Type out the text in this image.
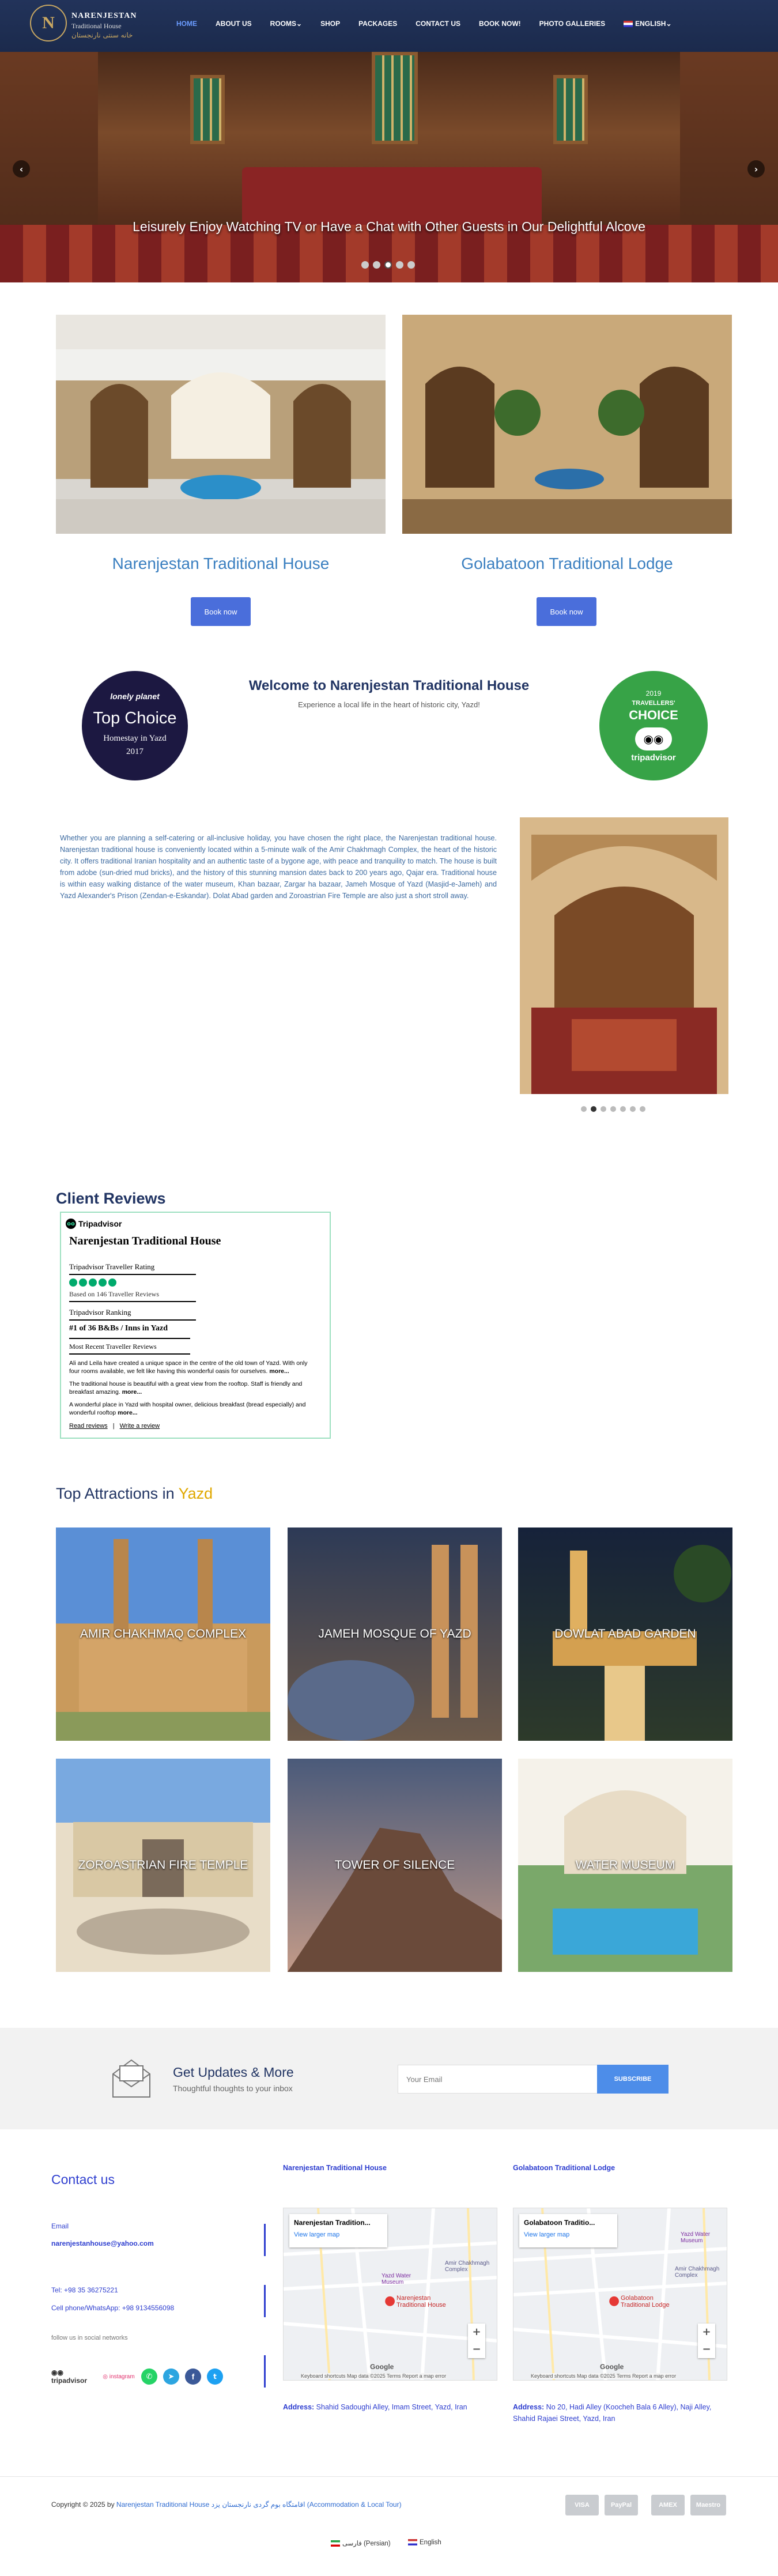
N	NARENJESTAN
Traditional House
خانه سنتی نارنجستان
HOME	ABOUT US	ROOMS⌄	SHOP	PACKAGES	CONTACT US	BOOK NOW!	PHOTO GALLERIES	ENGLISH⌄
Leisurely Enjoy Watching TV or Have a Chat with Other Guests in Our Delightful Alcove
‹	›
Narenjestan Traditional House	Golabatoon Traditional Lodge
Book now	Book now
lonely planet
Top Choice
Homestay in Yazd
2017
Welcome to Narenjestan Traditional House
Experience a local life in the heart of historic city, Yazd!
2019
TRAVELLERS'
CHOICE
◉◉
tripadvisor
Whether you are planning a self-catering or all-inclusive holiday, you have chosen the right place, the Narenjestan traditional house. Narenjestan traditional house is conveniently located within a 5-minute walk of the Amir Chakhmagh Complex, the heart of the historic city. It offers traditional Iranian hospitality and an authentic taste of a bygone age, with peace and tranquility to match. The house is built from adobe (sun-dried mud bricks), and the history of this stunning mansion dates back to 200 years ago, Qajar era. Traditional house is within easy walking distance of the water museum, Khan bazaar, Zargar ha bazaar, Jameh Mosque of Yazd (Masjid-e-Jameh) and Yazd Alexander's Prison (Zendan-e-Eskandar). Dolat Abad garden and Zoroastrian Fire Temple are also just a short stroll away.
Client Reviews
oo Tripadvisor
Narenjestan Traditional House
Tripadvisor Traveller Rating
Based on 146 Traveller Reviews
Tripadvisor Ranking
#1 of 36 B&Bs / Inns in Yazd
Most Recent Traveller Reviews
Ali and Leila have created a unique space in the centre of the old town of Yazd. With only four rooms available, we felt like having this wonderful oasis for ourselves. more...
The traditional house is beautiful with a great view from the rooftop. Staff is friendly and breakfast amazing. more...
A wonderful place in Yazd with hospital owner, delicious breakfast (bread especially) and wonderful rooftop more...
Read reviews | Write a review
Top Attractions in Yazd
AMIR CHAKHMAQ COMPLEX	JAMEH MOSQUE OF YAZD	DOWLAT ABAD GARDEN
ZOROASTRIAN FIRE TEMPLE	TOWER OF SILENCE	WATER MUSEUM
Get Updates & More
Thoughtful thoughts to your inbox
Your Email
SUBSCRIBE
Contact us
Email
narenjestanhouse@yahoo.com
Tel: +98 35 36275221
Cell phone/WhatsApp: +98 9134556098
follow us in social networks
◉◉ tripadvisor	◎ instagram	✆	➤	f	t
Narenjestan Traditional House	Golabatoon Traditional Lodge
Narenjestan Tradition...
View larger map
Yazd Water Museum
Amir Chakhmagh Complex
● Narenjestan Traditional House
+
−
Google
Keyboard shortcuts Map data ©2025 Terms Report a map error
Golabatoon Traditio...
View larger map	Yazd Water Museum
Amir Chakhmagh Complex
● Golabatoon Traditional Lodge
+
−
Google
Keyboard shortcuts Map data ©2025 Terms Report a map error
Address: Shahid Sadoughi Alley, Imam Street, Yazd, Iran	Address: No 20, Hadi Alley (Koocheh Bala 6 Alley), Naji Alley, Shahid Rajaei Street, Yazd, Iran
Copyright © 2025 by Narenjestan Traditional House اقامتگاه بوم گردی نارنجستان یزد (Accommodation & Local Tour)	VISA	PayPal	AMEX	Maestro
فارسی (Persian)	English
